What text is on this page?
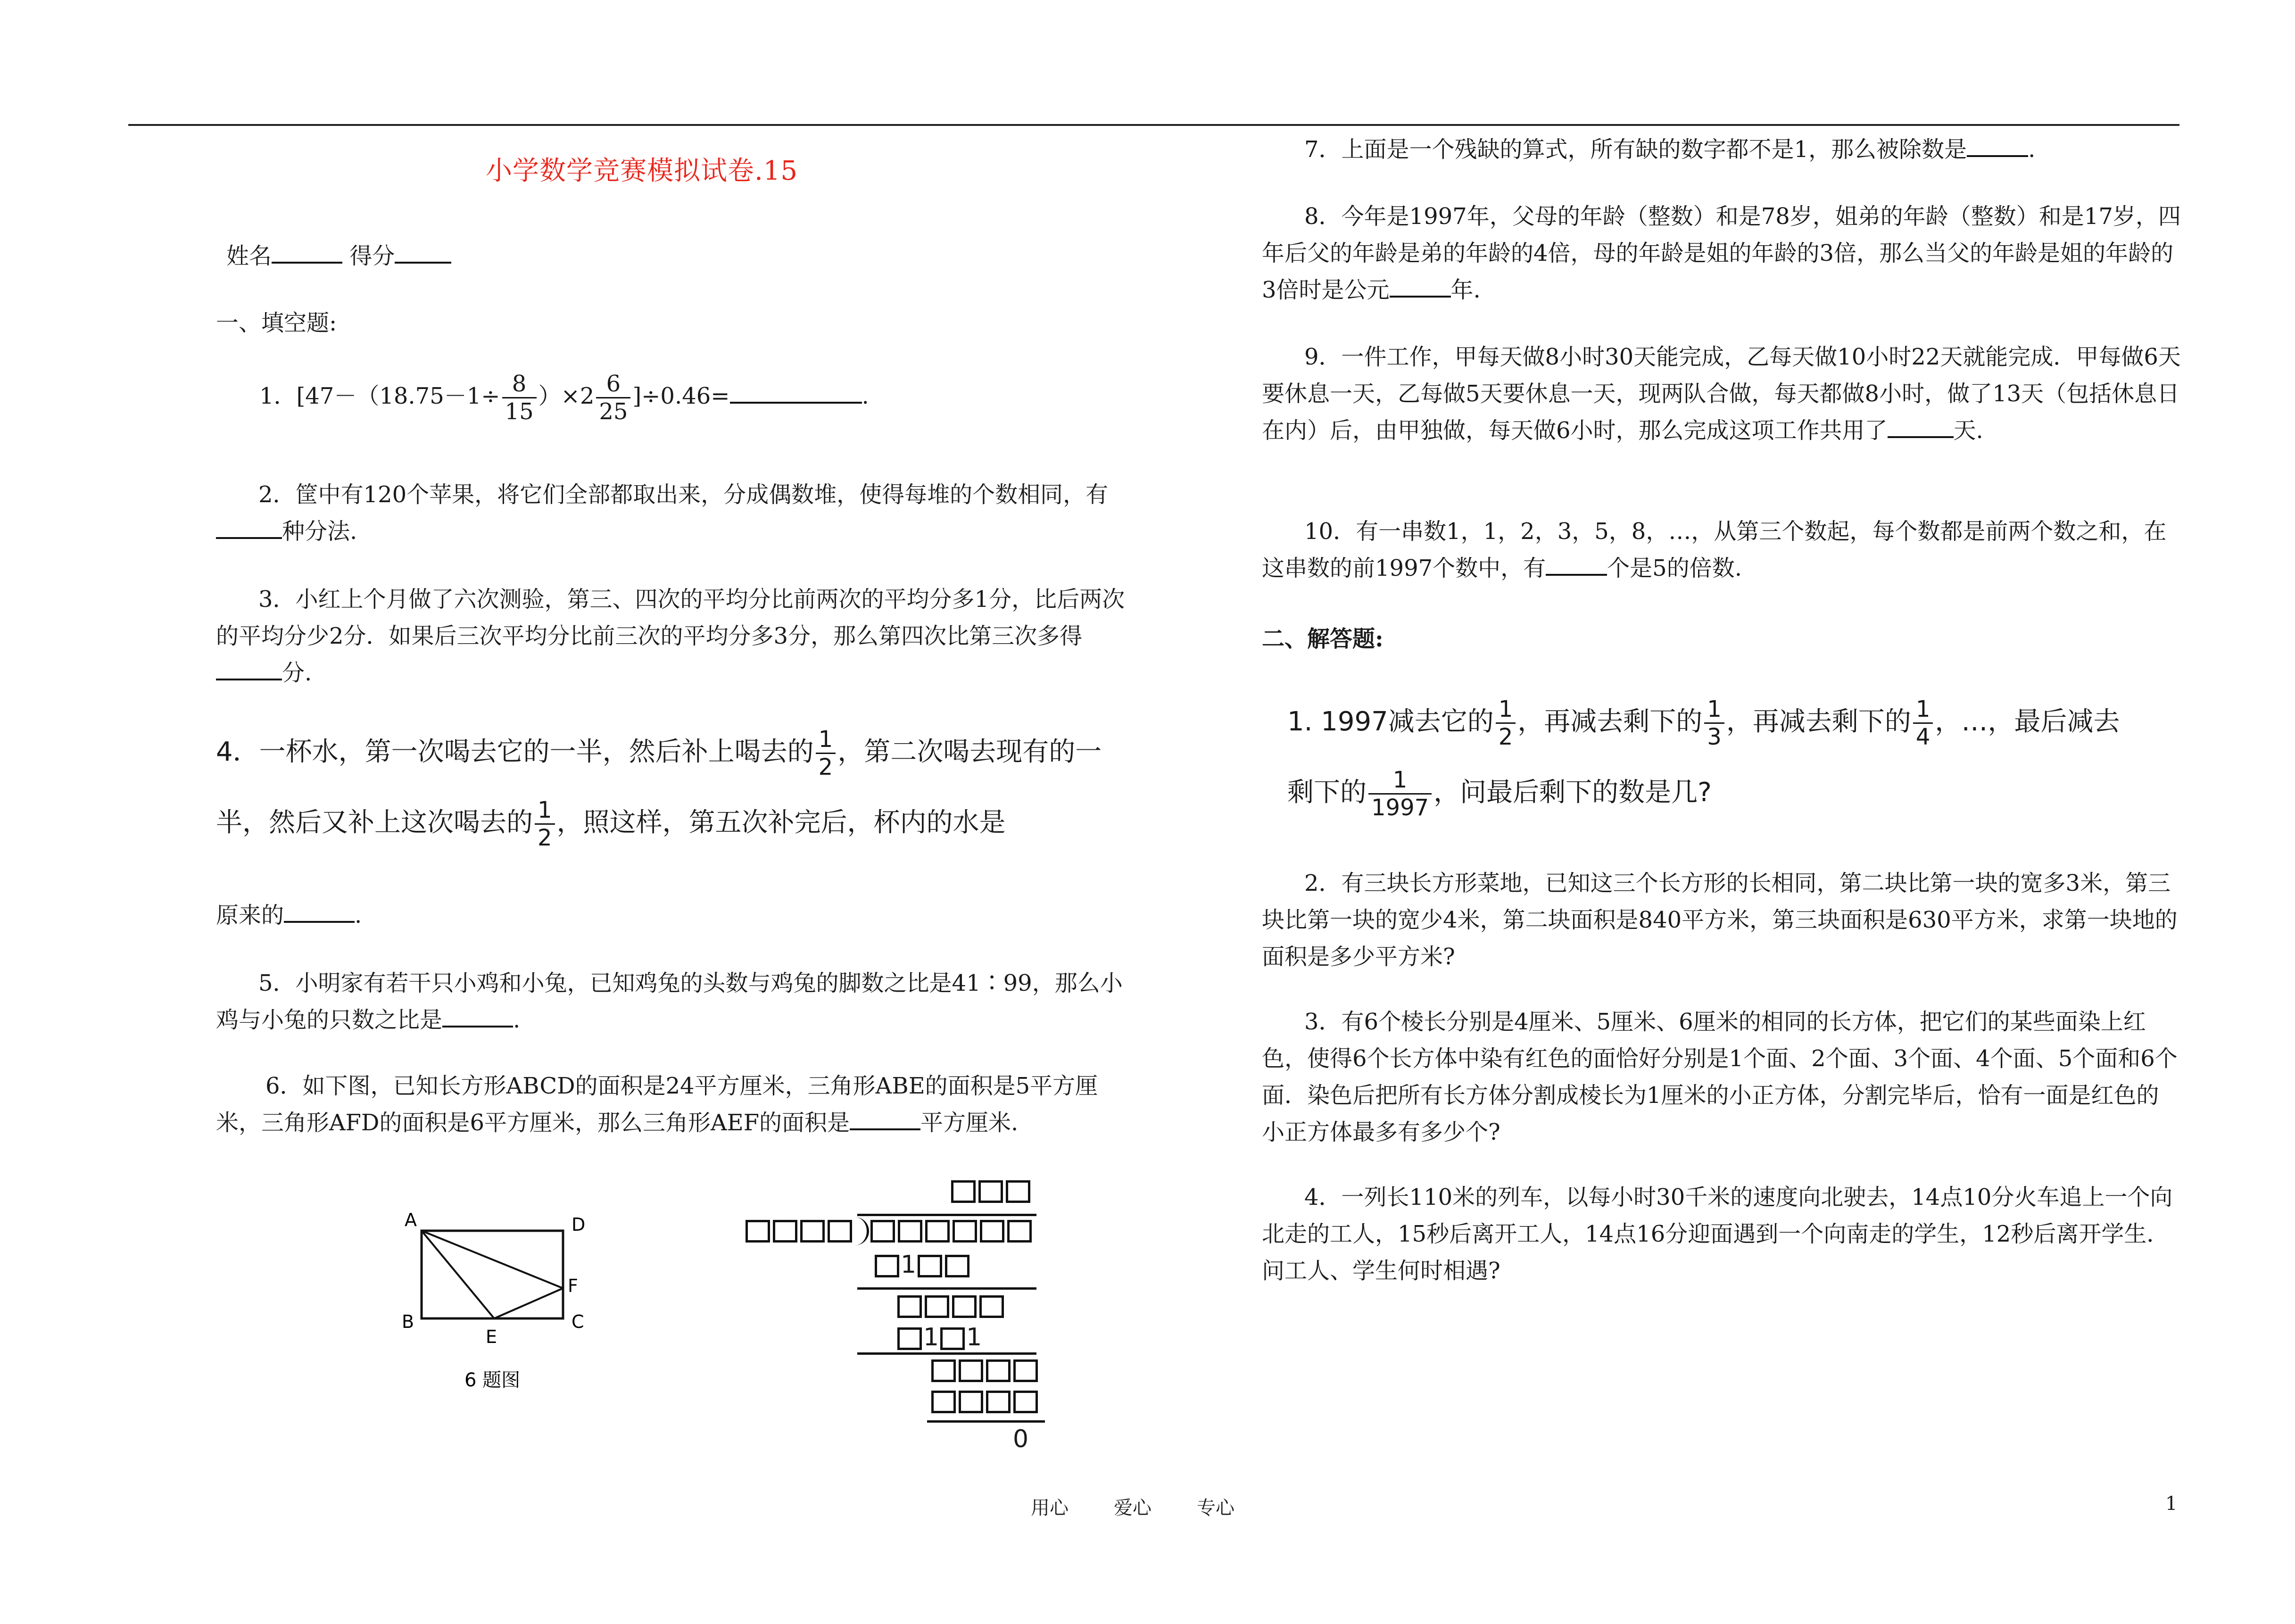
小学数学竞赛模拟试卷.15
姓名	得分
一、填空题:
1．$[47-(18.75-1\div \frac{8}{15} )\times 2 \frac{6}{25} ]\div 0.46=$	.
2．筐中有120个苹果，将它们全部都取出来，分成偶数堆，使得每堆的个数相同，有种分法.
3．小红上个月做了六次测验，第三、四次的平均分比前两次的平均分多1分，比后两次的平均分少2分．如果后三次平均分比前三次的平均分多3分，那么第四次比第三次多得分.
4．一杯水，第一次喝去它的一半，然后补上喝去的 $\frac{1}{2}$ ，第二次喝去现有的一半，然后又补上这次喝去的 $\frac{1}{2}$ ，照这样，第五次补完后，杯内的水是
原来的	.
5．小明家有若干只小鸡和小兔，已知鸡兔的头数与鸡兔的脚数之比是41∶99，那么小鸡与小兔的只数之比是	.
6．如下图，已知长方形ABCD的面积是24平方厘米，三角形ABE的面积是5平方厘米，三角形AFD的面积是6平方厘米，那么三角形AEF的面积是	平方厘米.
A	D
B
E
F
C
6 题图
1
1 1
0
7．上面是一个残缺的算式，所有缺的数字都不是1，那么被除数是	.
8．今年是1997年，父母的年龄（整数）和是78岁，姐弟的年龄（整数）和是17岁，四年后父的年龄是弟的年龄的4倍，母的年龄是姐的年龄的3倍，那么当父的年龄是姐的年龄的3倍时是公元	年.
9．一件工作，甲每天做8小时30天能完成，乙每天做10小时22天就能完成．甲每做6天要休息一天，乙每做5天要休息一天，现两队合做，每天都做8小时，做了13天（包括休息日在内）后，由甲独做，每天做6小时，那么完成这项工作共用了	天.
10．有一串数1，1，2，3，5，8，…，从第三个数起，每个数都是前两个数之和，在这串数的前1997个数中，有	个是5的倍数.
二、解答题:
1. 1997减去它的 $\frac{1}{2}$ ，再减去剩下的 $\frac{1}{3}$ ，再减去剩下的 $\frac{1}{4}$ ，…，最后减去
剩下的 $\frac{1}{1997}$ ，问最后剩下的数是几?
2．有三块长方形菜地，已知这三个长方形的长相同，第二块比第一块的宽多3米，第三块比第一块的宽少4米，第二块面积是840平方米，第三块面积是630平方米，求第一块地的面积是多少平方米?
3．有6个棱长分别是4厘米、5厘米、6厘米的相同的长方体，把它们的某些面染上红色，使得6个长方体中染有红色的面恰好分别是1个面、2个面、3个面、4个面、5个面和6个面．染色后把所有长方体分割成棱长为1厘米的小正方体，分割完毕后，恰有一面是红色的小正方体最多有多少个?
4．一列长110米的列车，以每小时30千米的速度向北驶去，14点10分火车追上一个向北走的工人，15秒后离开工人，14点16分迎面遇到一个向南走的学生，12秒后离开学生．问工人、学生何时相遇?
用心 爱心 专心	1
